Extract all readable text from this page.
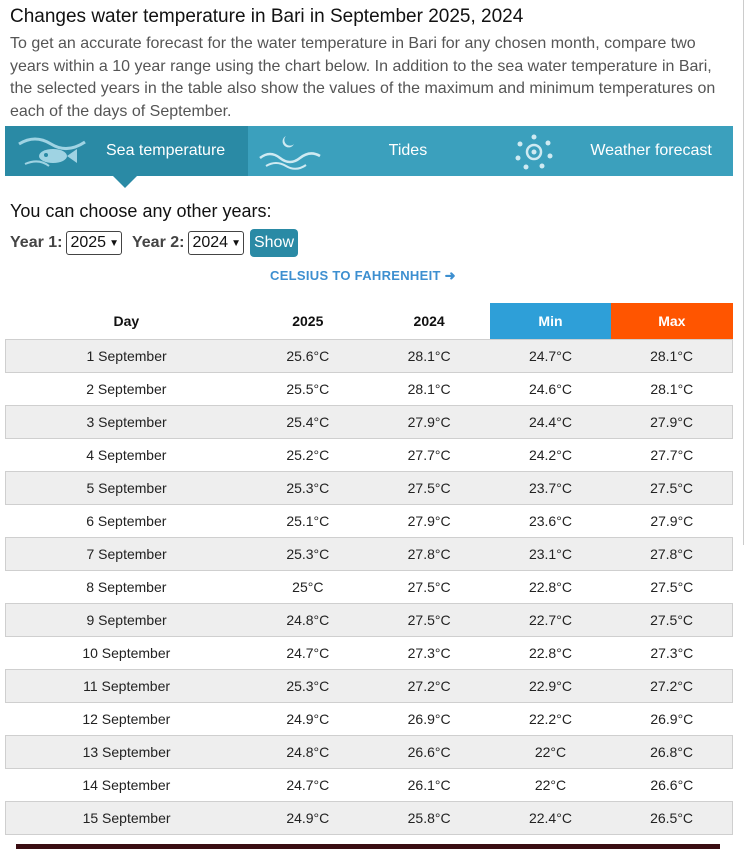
Changes water temperature in Bari in September 2025, 2024
To get an accurate forecast for the water temperature in Bari for any chosen month, compare two years within a 10 year range using the chart below. In addition to the sea water temperature in Bari, the selected years in the table also show the values of the maximum and minimum temperatures on each of the days of September.
Sea temperature	Tides	Weather forecast
You can choose any other years:
Year 1: 2025 ▼ Year 2: 2024 ▼ Show
CELSIUS TO FAHRENHEIT ➜
Day	2025	2024	Min	Max
1 September	25.6°C	28.1°C	24.7°C	28.1°C
2 September	25.5°C	28.1°C	24.6°C	28.1°C
3 September	25.4°C	27.9°C	24.4°C	27.9°C
4 September	25.2°C	27.7°C	24.2°C	27.7°C
5 September	25.3°C	27.5°C	23.7°C	27.5°C
6 September	25.1°C	27.9°C	23.6°C	27.9°C
7 September	25.3°C	27.8°C	23.1°C	27.8°C
8 September	25°C	27.5°C	22.8°C	27.5°C
9 September	24.8°C	27.5°C	22.7°C	27.5°C
10 September	24.7°C	27.3°C	22.8°C	27.3°C
11 September	25.3°C	27.2°C	22.9°C	27.2°C
12 September	24.9°C	26.9°C	22.2°C	26.9°C
13 September	24.8°C	26.6°C	22°C	26.8°C
14 September	24.7°C	26.1°C	22°C	26.6°C
15 September	24.9°C	25.8°C	22.4°C	26.5°C
